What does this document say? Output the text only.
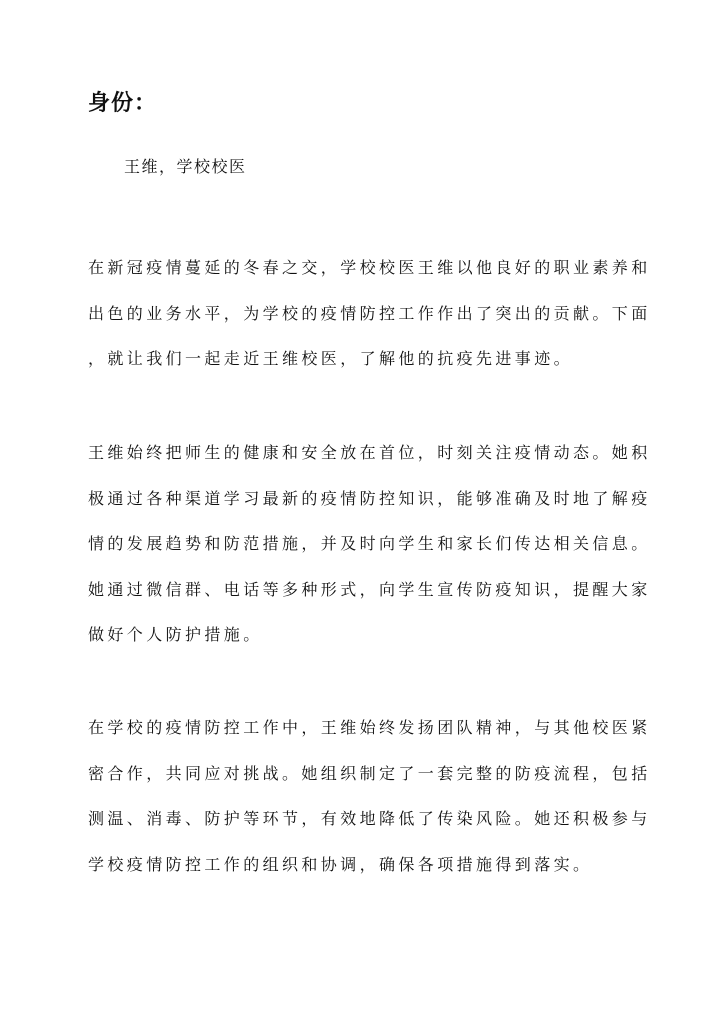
身份：

王维，学校校医

在新冠疫情蔓延的冬春之交，学校校医王维以他良好的职业素养和
出色的业务水平，为学校的疫情防控工作作出了突出的贡献。下面
，就让我们一起走近王维校医，了解他的抗疫先进事迹。

王维始终把师生的健康和安全放在首位，时刻关注疫情动态。她积
极通过各种渠道学习最新的疫情防控知识，能够准确及时地了解疫
情的发展趋势和防范措施，并及时向学生和家长们传达相关信息。
她通过微信群、电话等多种形式，向学生宣传防疫知识，提醒大家
做好个人防护措施。

在学校的疫情防控工作中，王维始终发扬团队精神，与其他校医紧
密合作，共同应对挑战。她组织制定了一套完整的防疫流程，包括
测温、消毒、防护等环节，有效地降低了传染风险。她还积极参与
学校疫情防控工作的组织和协调，确保各项措施得到落实。
